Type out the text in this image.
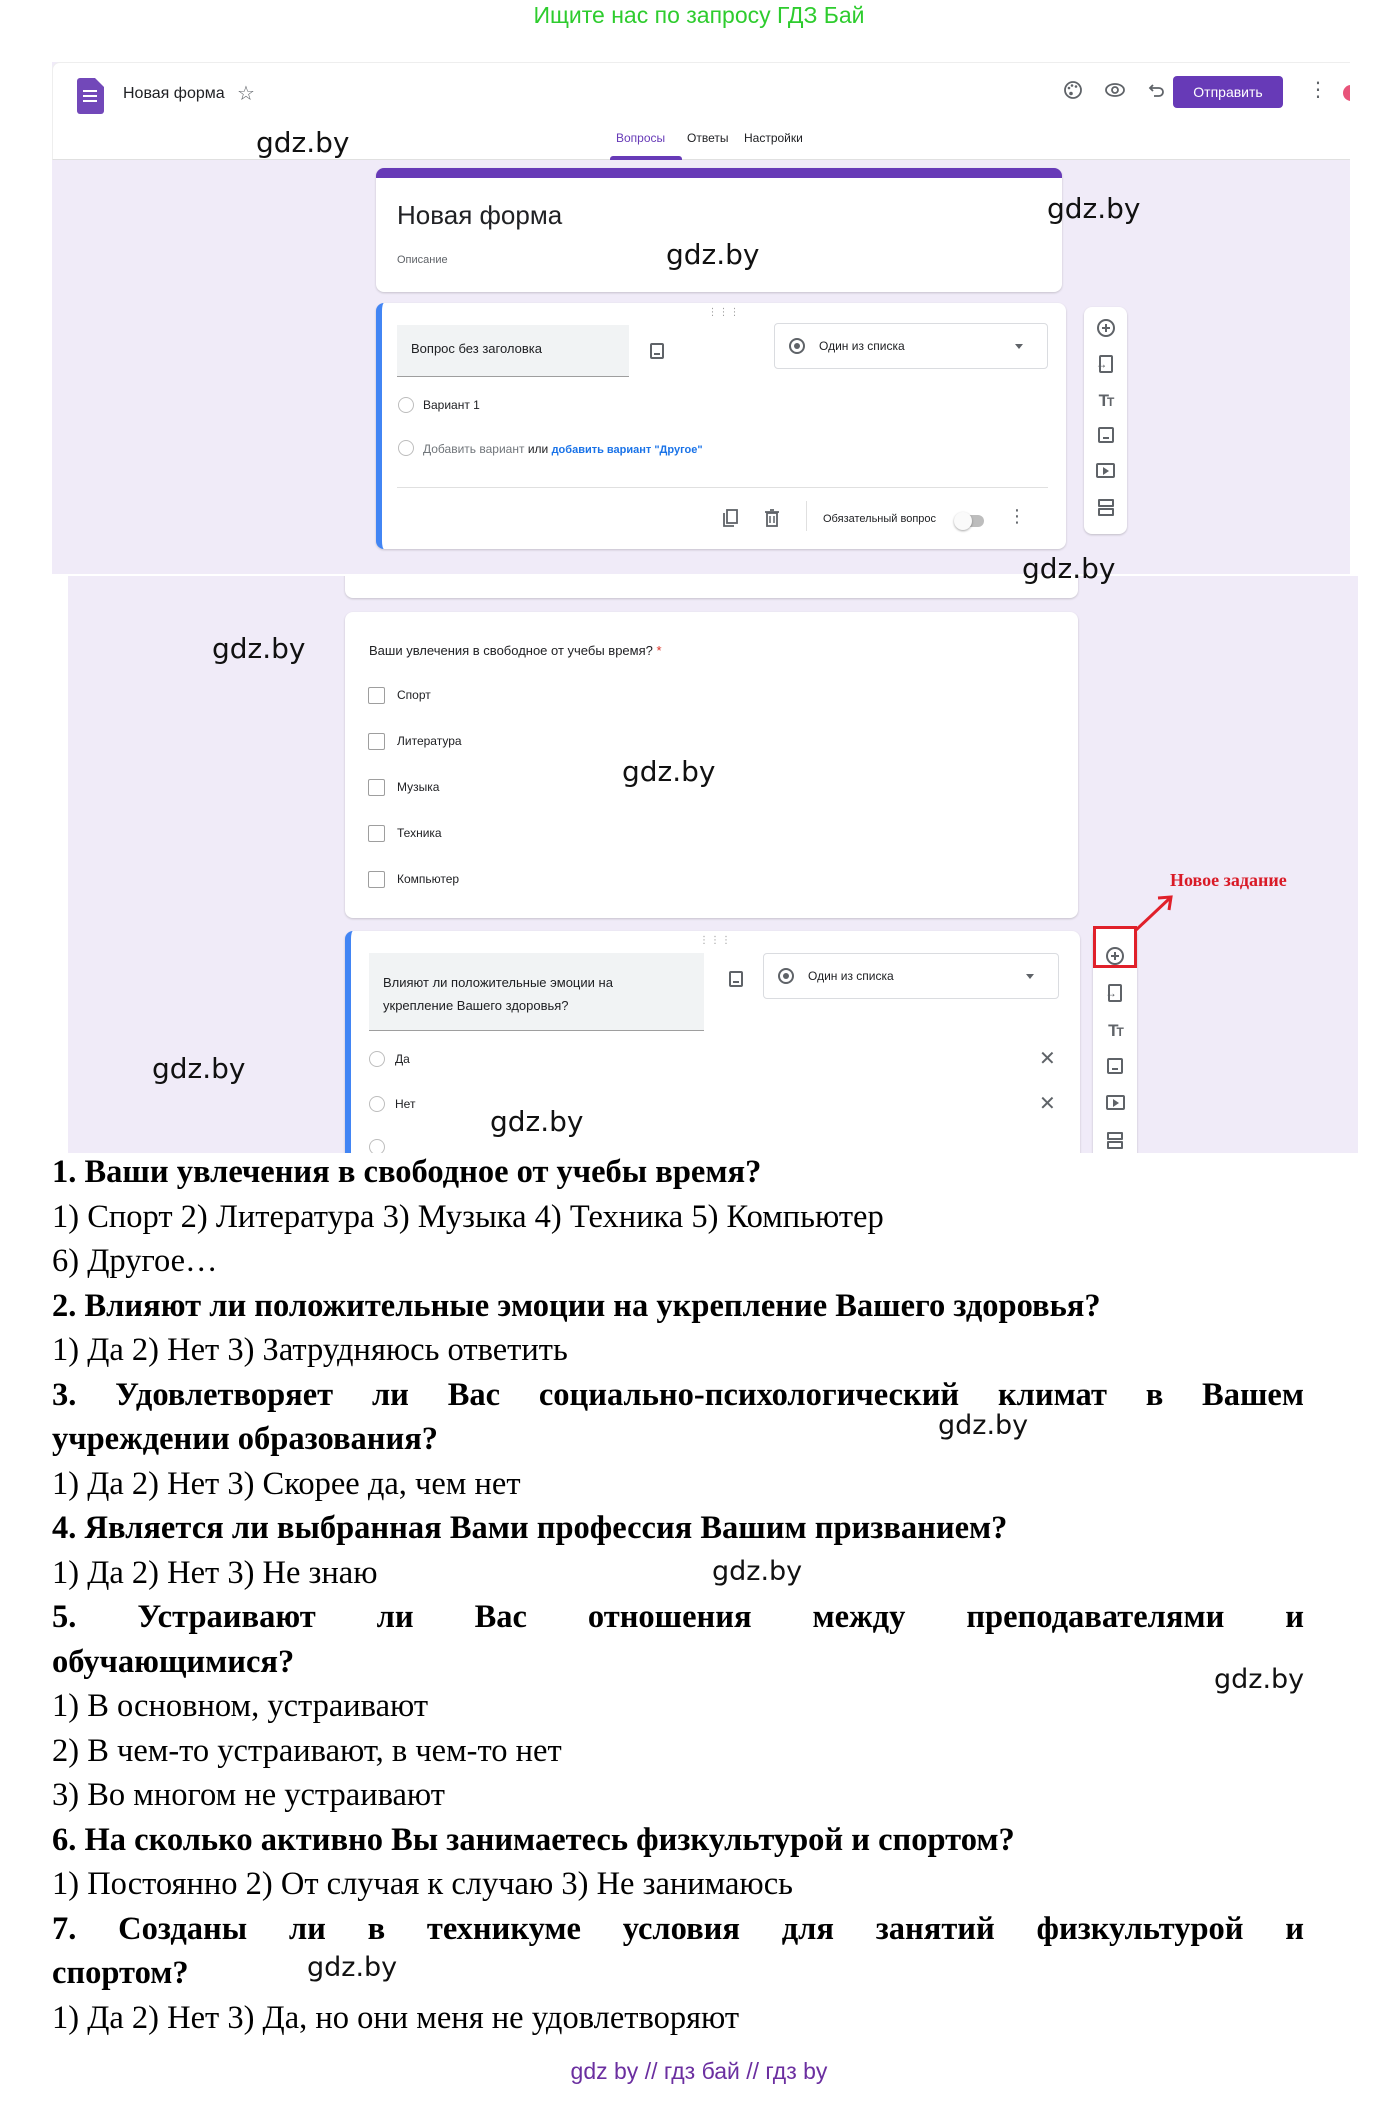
Ищите нас по запросу ГДЗ Бай
Новая форма ☆	Отправить	⋮
Вопросы Ответы Настройки
Новая форма
Описание
⋮⋮⋮
Вопрос без заголовка	Один из списка
Вариант 1
Добавить вариант или добавить вариант "Другое"
Обязательный вопрос	⋮
→
TT
Ваши увлечения в свободное от учебы время? *
Спорт
Литература
Музыка
Техника
Компьютер
⋮⋮⋮
Влияют ли положительные эмоции на
укрепление Вашего здоровья?
Один из списка
Да	✕
Нет	✕
→
TT
Новое задание
gdz.by
gdz.by
gdz.by
gdz.by
gdz.by
gdz.by
gdz.by
gdz.by
gdz.by
gdz.by
gdz.by
gdz.by
1. Ваши увлечения в свободное от учебы время?
1) Спорт 2) Литература 3) Музыка 4) Техника 5) Компьютер
6) Другое…
2. Влияют ли положительные эмоции на укрепление Вашего здоровья?
1) Да 2) Нет 3) Затрудняюсь ответить
3. Удовлетворяет ли Вас социально-психологический климат в Вашем
учреждении образования?
1) Да 2) Нет 3) Скорее да, чем нет
4. Является ли выбранная Вами профессия Вашим призванием?
1) Да 2) Нет 3) Не знаю
5. Устраивают ли Вас отношения между преподавателями и
обучающимися?
1) В основном, устраивают
2) В чем-то устраивают, в чем-то нет
3) Во многом не устраивают
6. На сколько активно Вы занимаетесь физкультурой и спортом?
1) Постоянно 2) От случая к случаю 3) Не занимаюсь
7. Созданы ли в техникуме условия для занятий физкультурой и
спортом?
1) Да 2) Нет 3) Да, но они меня не удовлетворяют
gdz by // гдз бай // гдз by
